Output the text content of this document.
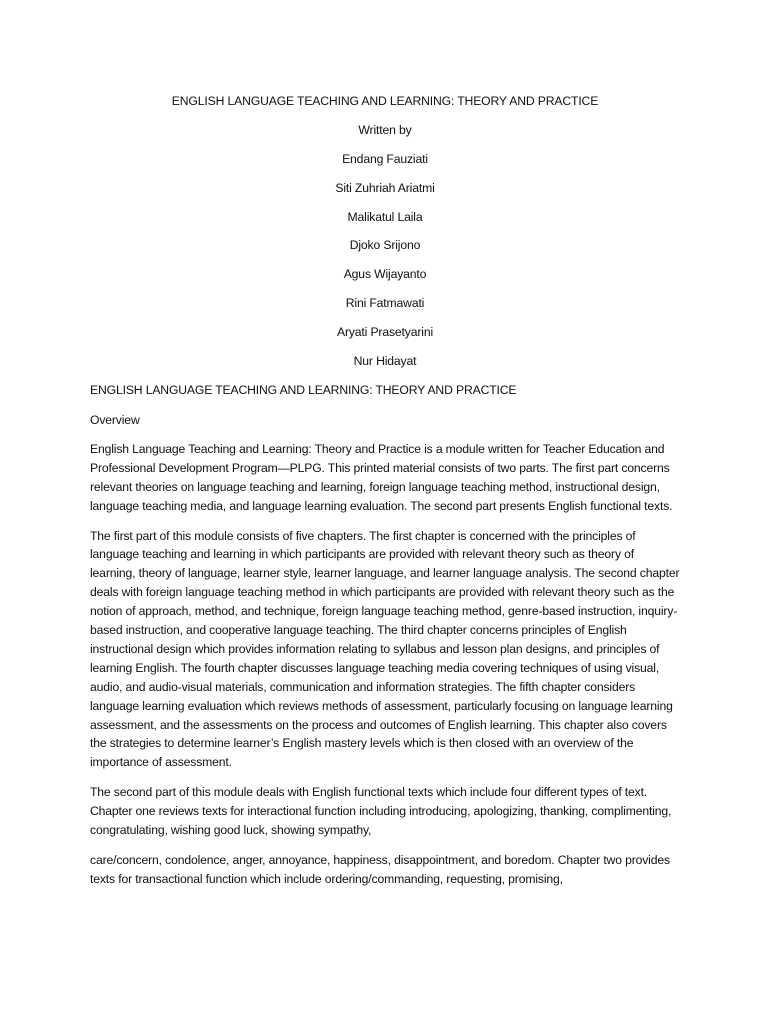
ENGLISH LANGUAGE TEACHING AND LEARNING: THEORY AND PRACTICE
Written by
Endang Fauziati
Siti Zuhriah Ariatmi
Malikatul Laila
Djoko Srijono
Agus Wijayanto
Rini Fatmawati
Aryati Prasetyarini
Nur Hidayat
ENGLISH LANGUAGE TEACHING AND LEARNING: THEORY AND PRACTICE
Overview

English Language Teaching and Learning: Theory and Practice is a module written for Teacher Education and Professional Development Program—PLPG. This printed material consists of two parts. The first part concerns relevant theories on language teaching and learning, foreign language teaching method, instructional design, language teaching media, and language learning evaluation. The second part presents English functional texts.

The first part of this module consists of five chapters. The first chapter is concerned with the principles of language teaching and learning in which participants are provided with relevant theory such as theory of learning, theory of language, learner style, learner language, and learner language analysis. The second chapter deals with foreign language teaching method in which participants are provided with relevant theory such as the notion of approach, method, and technique, foreign language teaching method, genre-based instruction, inquiry-based instruction, and cooperative language teaching. The third chapter concerns principles of English instructional design which provides information relating to syllabus and lesson plan designs, and principles of learning English. The fourth chapter discusses language teaching media covering techniques of using visual, audio, and audio-visual materials, communication and information strategies. The fifth chapter considers language learning evaluation which reviews methods of assessment, particularly focusing on language learning assessment, and the assessments on the process and outcomes of English learning. This chapter also covers the strategies to determine learner’s English mastery levels which is then closed with an overview of the importance of assessment.

The second part of this module deals with English functional texts which include four different types of text. Chapter one reviews texts for interactional function including introducing, apologizing, thanking, complimenting, congratulating, wishing good luck, showing sympathy,

care/concern, condolence, anger, annoyance, happiness, disappointment, and boredom. Chapter two provides texts for transactional function which include ordering/commanding, requesting, promising,
